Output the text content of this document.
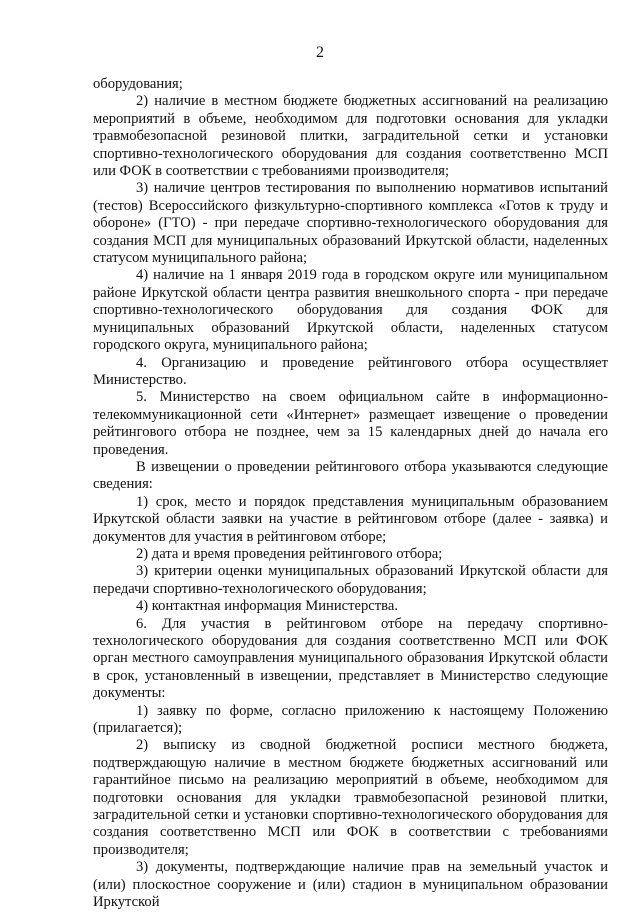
2

оборудования;

2) наличие в местном бюджете бюджетных ассигнований на реализацию мероприятий в объеме, необходимом для подготовки основания для укладки травмобезопасной резиновой плитки, заградительной сетки и установки спортивно-технологического оборудования для создания соответственно МСП или ФОК в соответствии с требованиями производителя;

3) наличие центров тестирования по выполнению нормативов испытаний (тестов) Всероссийского физкультурно-спортивного комплекса «Готов к труду и обороне» (ГТО) - при передаче спортивно-технологического оборудования для создания МСП для муниципальных образований Иркутской области, наделенных статусом муниципального района;

4) наличие на 1 января 2019 года в городском округе или муниципальном районе Иркутской области центра развития внешкольного спорта - при передаче спортивно-технологического оборудования для создания ФОК для муниципальных образований Иркутской области, наделенных статусом городского округа, муниципального района;

4. Организацию и проведение рейтингового отбора осуществляет Министерство.

5. Министерство на своем официальном сайте в информационно-телекоммуникационной сети «Интернет» размещает извещение о проведении рейтингового отбора не позднее, чем за 15 календарных дней до начала его проведения.

В извещении о проведении рейтингового отбора указываются следующие сведения:

1) срок, место и порядок представления муниципальным образованием Иркутской области заявки на участие в рейтинговом отборе (далее - заявка) и документов для участия в рейтинговом отборе;

2) дата и время проведения рейтингового отбора;

3) критерии оценки муниципальных образований Иркутской области для передачи спортивно-технологического оборудования;

4) контактная информация Министерства.

6. Для участия в рейтинговом отборе на передачу спортивно-технологического оборудования для создания соответственно МСП или ФОК орган местного самоуправления муниципального образования Иркутской области в срок, установленный в извещении, представляет в Министерство следующие документы:

1) заявку по форме, согласно приложению к настоящему Положению (прилагается);

2) выписку из сводной бюджетной росписи местного бюджета, подтверждающую наличие в местном бюджете бюджетных ассигнований или гарантийное письмо на реализацию мероприятий в объеме, необходимом для подготовки основания для укладки травмобезопасной резиновой плитки, заградительной сетки и установки спортивно-технологического оборудования для создания соответственно МСП или ФОК в соответствии с требованиями производителя;

3) документы, подтверждающие наличие прав на земельный участок и (или) плоскостное сооружение и (или) стадион в муниципальном образовании Иркутской
